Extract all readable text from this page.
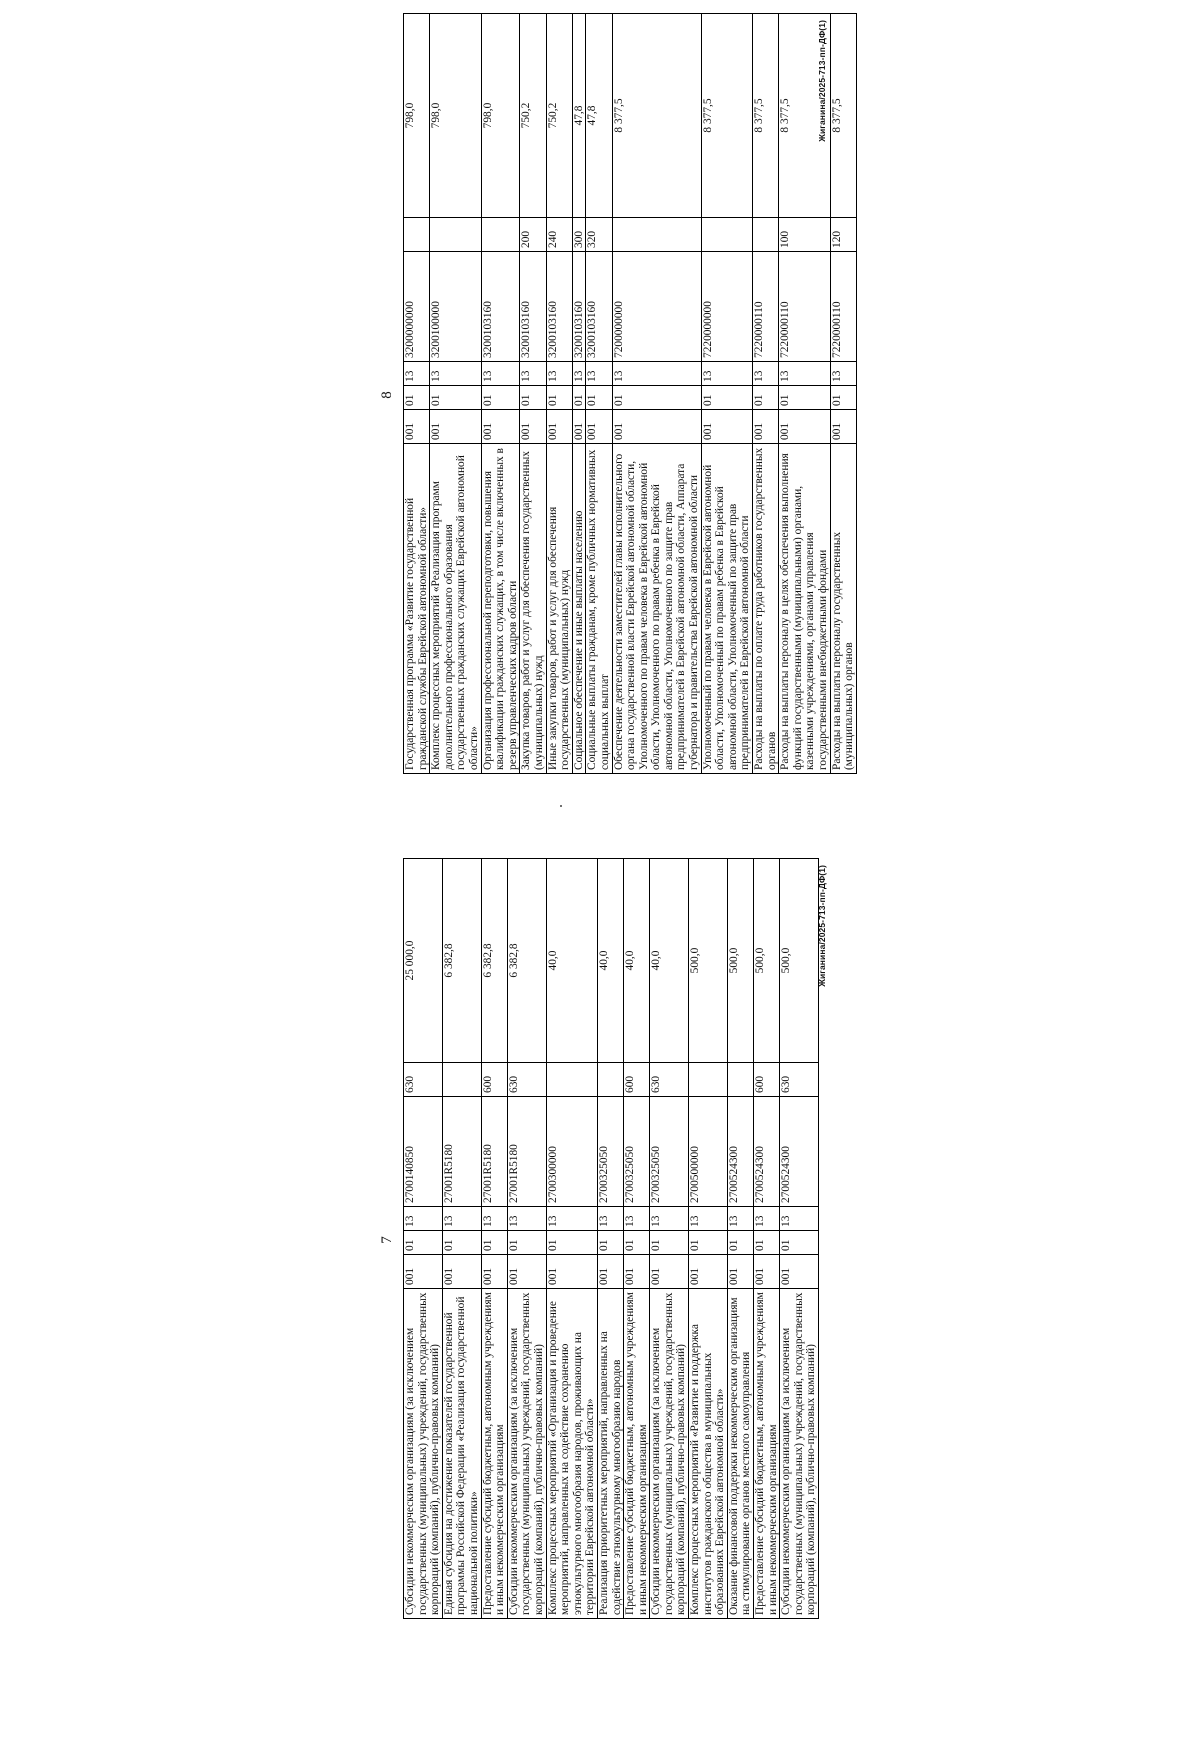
7
Субсидии некоммерческим организациям (за исключением государственных (муниципальных) учреждений, государственных корпораций (компаний), публично-правовых компаний)	001	01	13	2700140850	630	25 000,0
Единая субсидия на достижение показателей государственной программы Российской Федерации «Реализация государственной национальной политики»	001	01	13	27001R5180		6 382,8
Предоставление субсидий бюджетным, автономным учреждениям и иным некоммерческим организациям	001	01	13	27001R5180	600	6 382,8
Субсидии некоммерческим организациям (за исключением государственных (муниципальных) учреждений, государственных корпораций (компаний), публично-правовых компаний)	001	01	13	27001R5180	630	6 382,8
Комплекс процессных мероприятий «Организация и проведение мероприятий, направленных на содействие сохранению этнокультурного многообразия народов, проживающих на территории Еврейской автономной области»	001	01	13	2700300000		40,0
Реализация приоритетных мероприятий, направленных на содействие этнокультурному многообразию народов	001	01	13	2700325050		40,0
Предоставление субсидий бюджетным, автономным учреждениям и иным некоммерческим организациям	001	01	13	2700325050	600	40,0
Субсидии некоммерческим организациям (за исключением государственных (муниципальных) учреждений, государственных корпораций (компаний), публично-правовых компаний)	001	01	13	2700325050	630	40,0
Комплекс процессных мероприятий «Развитие и поддержка институтов гражданского общества в муниципальных образованиях Еврейской автономной области»	001	01	13	2700500000		500,0
Оказание финансовой поддержки некоммерческим организациям на стимулирование органов местного самоуправления	001	01	13	2700524300		500,0
Предоставление субсидий бюджетным, автономным учреждениям и иным некоммерческим организациям	001	01	13	2700524300	600	500,0
Субсидии некоммерческим организациям (за исключением государственных (муниципальных) учреждений, государственных корпораций (компаний), публично-правовых компаний)	001	01	13	2700524300	630	500,0	Жиганина/2025-713-пп-ДФ(1)
8
Государственная программа «Развитие государственной гражданской службы Еврейской автономной области»	001	01	13	3200000000		798,0
Комплекс процессных мероприятий «Реализация программ дополнительного профессионального образования государственных гражданских служащих Еврейской автономной области»	001	01	13	3200100000		798,0
Организация профессиональной переподготовки, повышения квалификации гражданских служащих, в том числе включенных в резерв управленческих кадров области	001	01	13	3200103160		798,0
Закупка товаров, работ и услуг для обеспечения государственных (муниципальных) нужд	001	01	13	3200103160	200	750,2
Иные закупки товаров, работ и услуг для обеспечения государственных (муниципальных) нужд	001	01	13	3200103160	240	750,2
Социальное обеспечение и иные выплаты населению	001	01	13	3200103160	300	47,8
Социальные выплаты гражданам, кроме публичных нормативных социальных выплат	001	01	13	3200103160	320	47,8
Обеспечение деятельности заместителей главы исполнительного органа государственной власти Еврейской автономной области, Уполномоченного по правам человека в Еврейской автономной области, Уполномоченного по правам ребенка в Еврейской автономной области, Уполномоченного по защите прав предпринимателей в Еврейской автономной области, Аппарата губернатора и правительства Еврейской автономной области	001	01	13	7200000000		8 377,5
Уполномоченный по правам человека в Еврейской автономной области, Уполномоченный по правам ребенка в Еврейской автономной области, Уполномоченный по защите прав предпринимателей в Еврейской автономной области	001	01	13	7220000000		8 377,5
Расходы на выплаты по оплате труда работников государственных органов	001	01	13	7220000110		8 377,5
Расходы на выплаты персоналу в целях обеспечения выполнения функций государственными (муниципальными) органами, казенными учреждениями, органами управления государственными внебюджетными фондами	001	01	13	7220000110	100	8 377,5
Расходы на выплаты персоналу государственных (муниципальных) органов	001	01	13	7220000110	120	8 377,5
Жиганина/2025-713-пп-ДФ(1)
